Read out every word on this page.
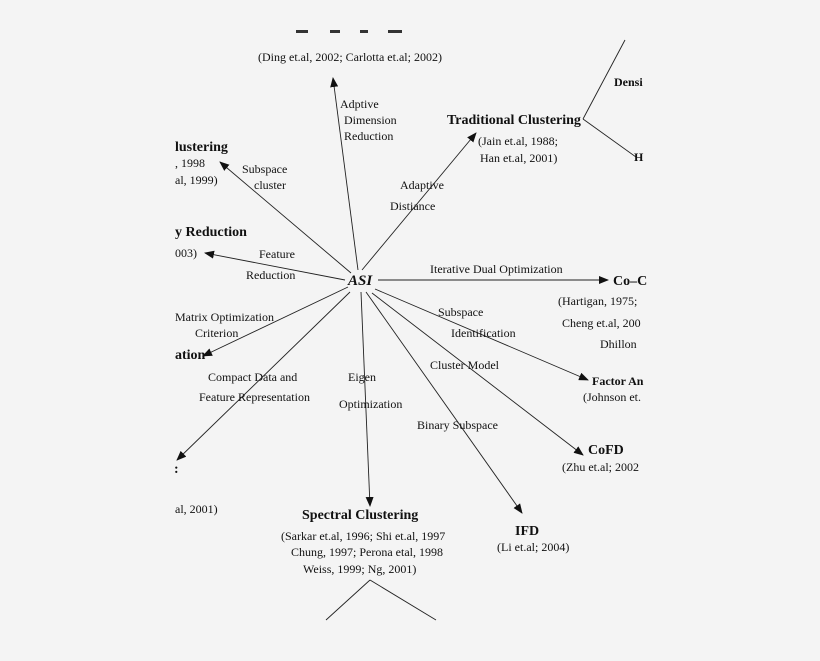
ASI
(Ding et.al, 2002; Carlotta et.al; 2002)
Traditional Clustering
(Jain et.al, 1988;
Han et.al, 2001)
Densi
H
lustering
, 1998
al, 1999)
y Reduction
003)
ation
:
al, 2001)
Co–C
(Hartigan, 1975;
Cheng et.al, 200
Dhillon
Factor An
(Johnson et.
CoFD
(Zhu et.al; 2002
Spectral Clustering
(Sarkar et.al, 1996; Shi et.al, 1997
Chung, 1997; Perona etal, 1998
Weiss, 1999; Ng, 2001)
IFD
(Li et.al; 2004)
Adptive
Dimension
Reduction
Adaptive
Distiance
Subspace
cluster
Feature
Reduction	Iterative Dual Optimization
Matrix Optimization
Criterion
Subspace
Identification
Cluster Model
Compact Data and
Feature Representation
Eigen
Optimization
Binary Subspace
